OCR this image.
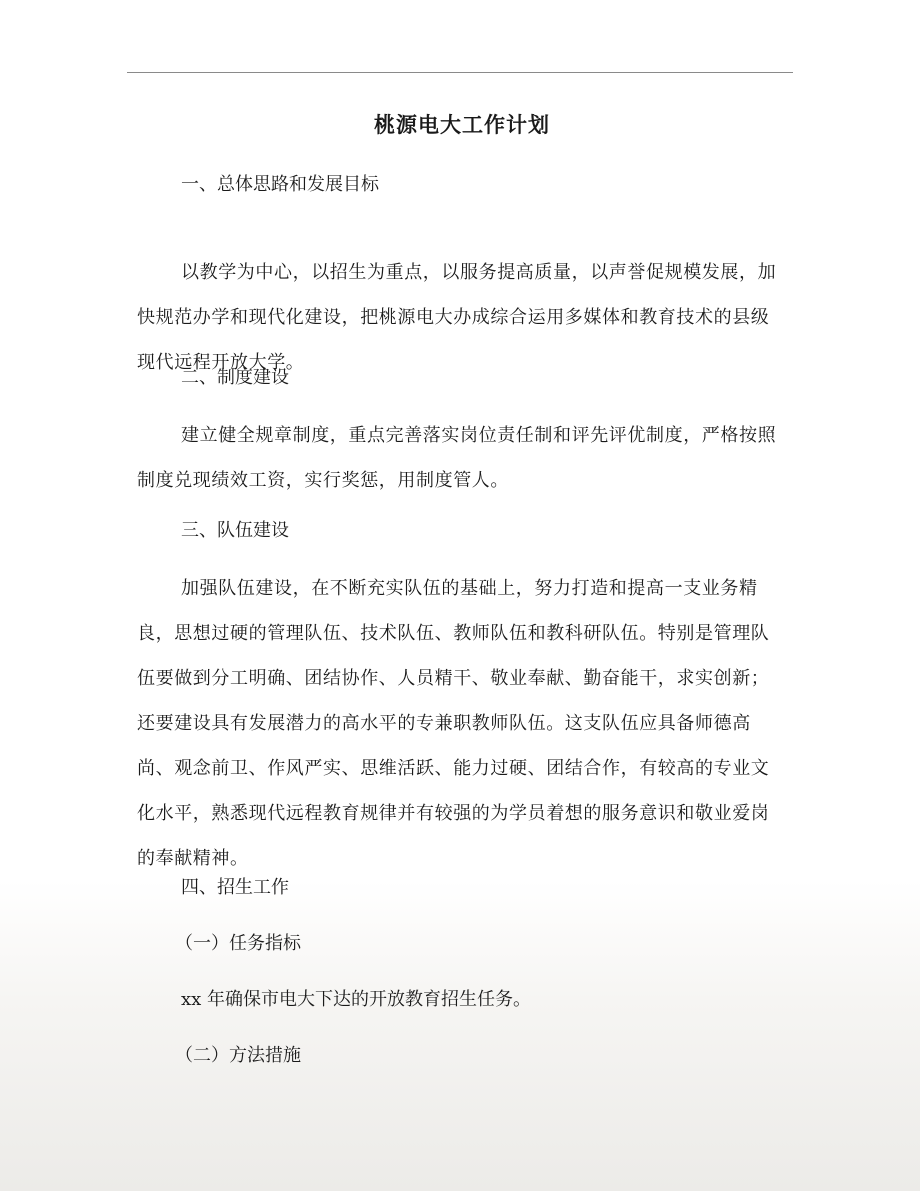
桃源电大工作计划
一、总体思路和发展目标

以教学为中心，以招生为重点，以服务提高质量，以声誉促规模发展，加快规范办学和现代化建设，把桃源电大办成综合运用多媒体和教育技术的县级现代远程开放大学。

二、制度建设

建立健全规章制度，重点完善落实岗位责任制和评先评优制度，严格按照制度兑现绩效工资，实行奖惩，用制度管人。

三、队伍建设

加强队伍建设，在不断充实队伍的基础上，努力打造和提高一支业务精良，思想过硬的管理队伍、技术队伍、教师队伍和教科研队伍。特别是管理队伍要做到分工明确、团结协作、人员精干、敬业奉献、勤奋能干，求实创新；还要建设具有发展潜力的高水平的专兼职教师队伍。这支队伍应具备师德高尚、观念前卫、作风严实、思维活跃、能力过硬、团结合作，有较高的专业文化水平，熟悉现代远程教育规律并有较强的为学员着想的服务意识和敬业爱岗的奉献精神。

四、招生工作
（一）任务指标
xx 年确保市电大下达的开放教育招生任务。
（二）方法措施
